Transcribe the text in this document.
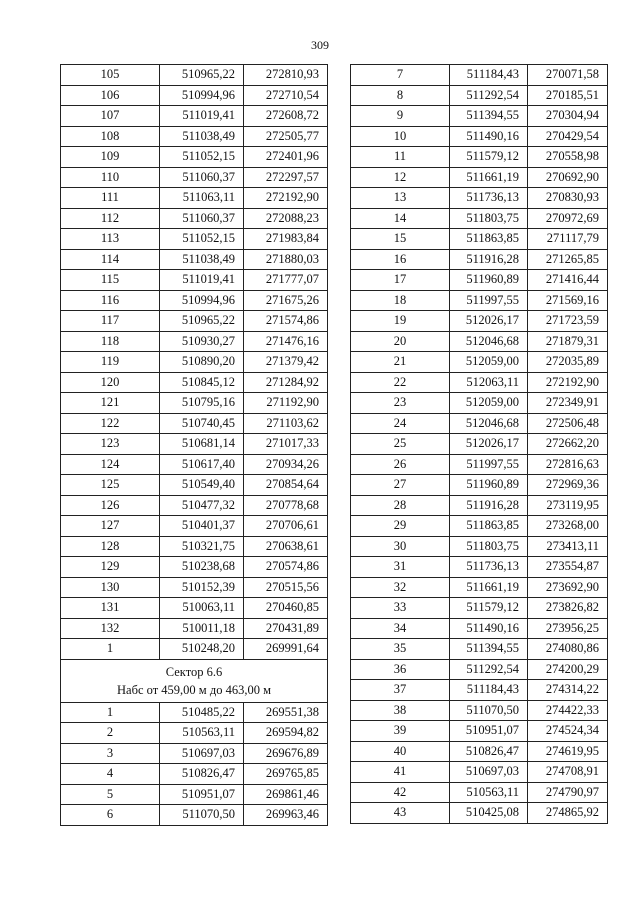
309
105	510965,22	272810,93
106	510994,96	272710,54
107	511019,41	272608,72
108	511038,49	272505,77
109	511052,15	272401,96
110	511060,37	272297,57
111	511063,11	272192,90
112	511060,37	272088,23
113	511052,15	271983,84
114	511038,49	271880,03
115	511019,41	271777,07
116	510994,96	271675,26
117	510965,22	271574,86
118	510930,27	271476,16
119	510890,20	271379,42
120	510845,12	271284,92
121	510795,16	271192,90
122	510740,45	271103,62
123	510681,14	271017,33
124	510617,40	270934,26
125	510549,40	270854,64
126	510477,32	270778,68
127	510401,37	270706,61
128	510321,75	270638,61
129	510238,68	270574,86
130	510152,39	270515,56
131	510063,11	270460,85
132	510011,18	270431,89
1	510248,20	269991,64

Сектор 6.6
Набс от 459,00 м до 463,00 м		

1	510485,22	269551,38
2	510563,11	269594,82
3	510697,03	269676,89
4	510826,47	269765,85
5	510951,07	269861,46
6	511070,50	269963,46
7	511184,43	270071,58
8	511292,54	270185,51
9	511394,55	270304,94
10	511490,16	270429,54
11	511579,12	270558,98
12	511661,19	270692,90
13	511736,13	270830,93
14	511803,75	270972,69
15	511863,85	271117,79
16	511916,28	271265,85
17	511960,89	271416,44
18	511997,55	271569,16
19	512026,17	271723,59
20	512046,68	271879,31
21	512059,00	272035,89
22	512063,11	272192,90
23	512059,00	272349,91
24	512046,68	272506,48
25	512026,17	272662,20
26	511997,55	272816,63
27	511960,89	272969,36
28	511916,28	273119,95
29	511863,85	273268,00
30	511803,75	273413,11
31	511736,13	273554,87
32	511661,19	273692,90
33	511579,12	273826,82
34	511490,16	273956,25
35	511394,55	274080,86
36	511292,54	274200,29
37	511184,43	274314,22
38	511070,50	274422,33
39	510951,07	274524,34
40	510826,47	274619,95
41	510697,03	274708,91
42	510563,11	274790,97
43	510425,08	274865,92
